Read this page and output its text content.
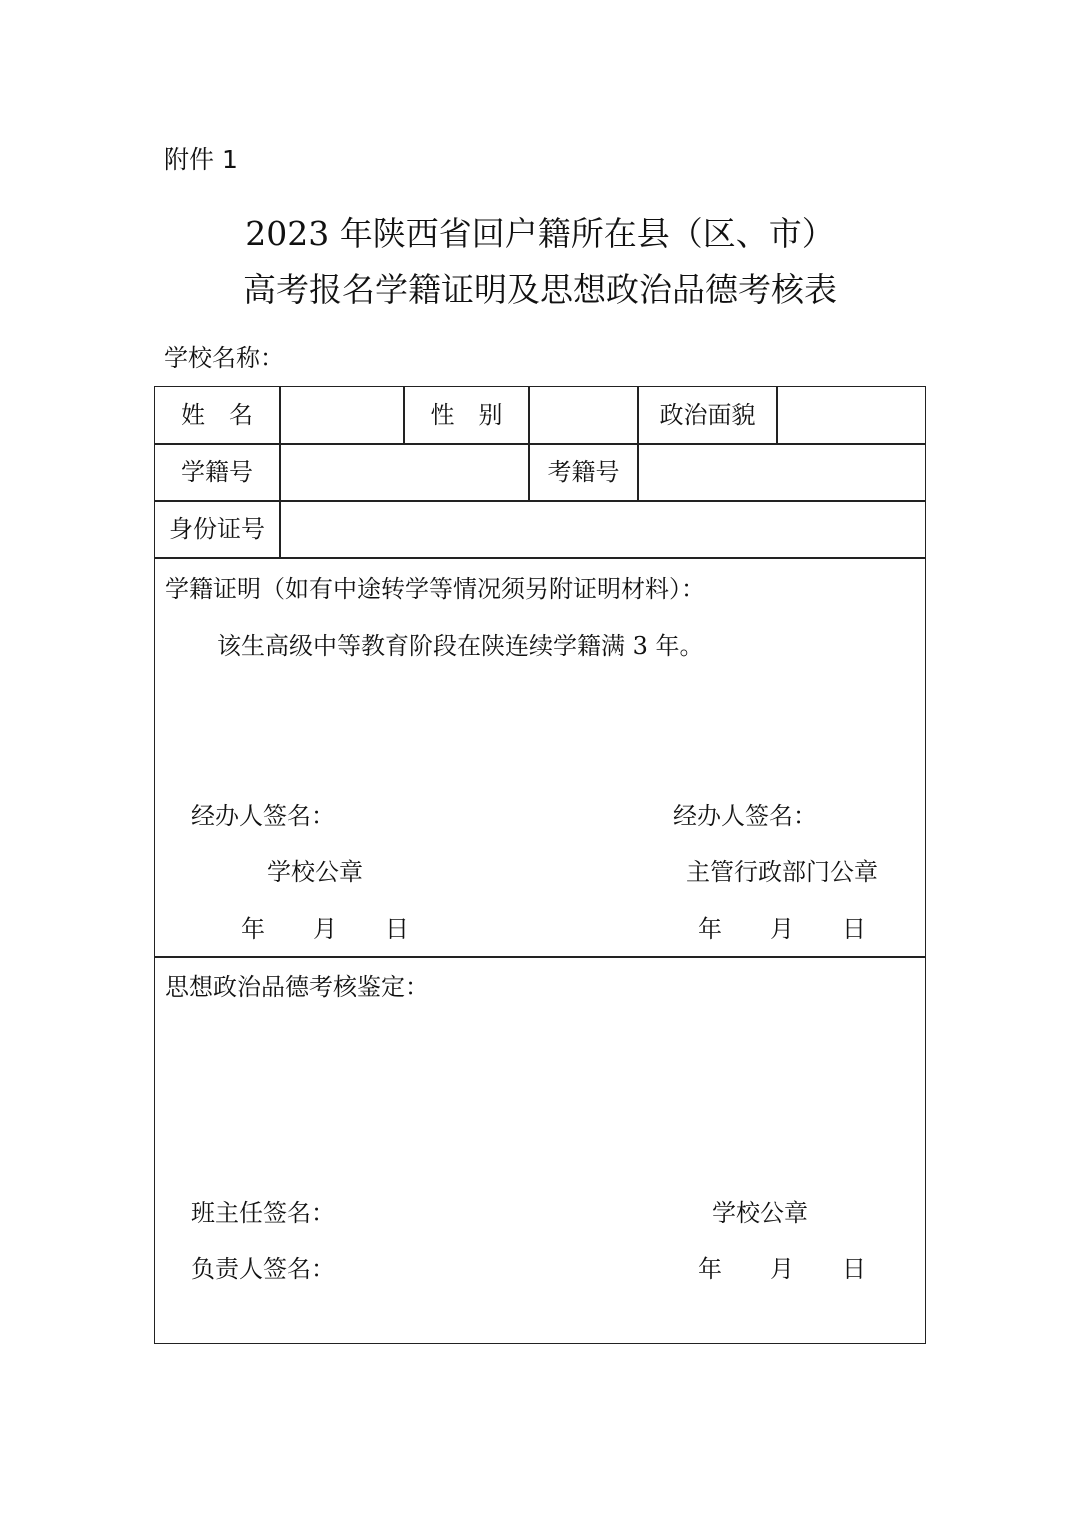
附件 1
2023 年陕西省回户籍所在县（区、市）
高考报名学籍证明及思想政治品德考核表
学校名称：
姓　名	性　别	政治面貌
学籍号	考籍号
身份证号
学籍证明（如有中途转学等情况须另附证明材料）：
该生高级中等教育阶段在陕连续学籍满 3 年。
经办人签名：	经办人签名：
学校公章	主管行政部门公章
年　　月　　日	年　　月　　日
思想政治品德考核鉴定：
班主任签名：	学校公章
负责人签名：	年　　月　　日
